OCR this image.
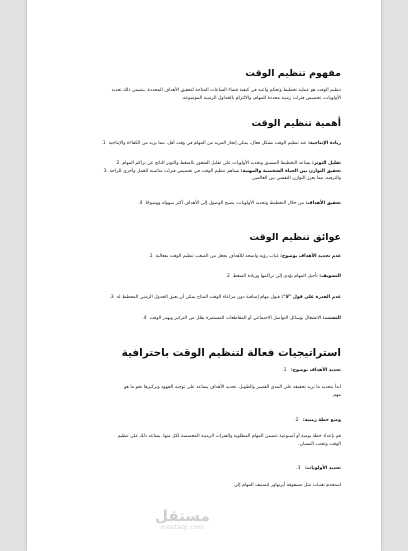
مفهوم تنظيم الوقت
تنظيم الوقت هو عملية تخطيط وتحكم واعية في كيفية قضاء الساعات المتاحة لتحقيق الأهداف المحددة. يتضمن ذلك تحديد
الأولويات، تخصيص فترات زمنية محددة للمهام، والالتزام بالجداول الزمنية الموضوعة.
أهمية تنظيم الوقت
زيادة الإنتاجية: عند تنظيم الوقت بشكل فعال، يمكن إنجاز المزيد من المهام في وقت أقل، مما يزيد من الكفاءة والإنتاجية  1.
تقليل التوتر: يساعد التخطيط المسبق وتحديد الأولويات على تقليل الشعور بالضغط والتوتر الناتج عن تراكم المهام .2
تحقيق التوازن بين الحياة الشخصية والمهنية: يساهم تنظيم الوقت في تخصيص فترات مناسبة للعمل وأخرى للراحة .3
والترفيه، مما يعزز التوازن النفسي بين العالمين
تحقيق الأهداف: من خلال التخطيط وتحديد الأولويات، يصبح الوصول إلى الأهداف أكثر سهولة ووضوحًا  4.
عوائق تنظيم الوقت
عدم تحديد الأهداف بوضوح: غياب رؤية واضحة للأهداف يجعل من الصعب تنظيم الوقت بفعالية  1.
التسويف: تأجيل المهام يؤدي إلى تراكمها وزيادة الضغط  2.
عدم القدرة على قول "لا": قبول مهام إضافية دون مراعاة الوقت المتاح يمكن أن يعيق الجدول الزمني المخطط له  3.
التشتت: الانشغال بوسائل التواصل الاجتماعي أو المقاطعات المستمرة يقلل من التركيز ويهدر الوقت  4.
استراتيجيات فعالة لتنظيم الوقت باحترافية
تحديد الأهداف بوضوح:   1.
ابدأ بتحديد ما تريد تحقيقه على المدى القصير والطويل. تحديد الأهداف يساعد على توجيه الجهود وتركيزها نحو ما هو
مهم.
وضع خطة زمنية:   2.
قم بإعداد خطة يومية أو أسبوعية تتضمن المهام المطلوبة والفترات الزمنية المخصصة لكل منها. يساعد ذلك على تنظيم
الوقت وتجنب النسيان.
تحديد الأولويات:   3.
استخدم تقنيات مثل مصفوفة أيزنهاور لتصنيف المهام إلى
مستقل
mostaql.com
